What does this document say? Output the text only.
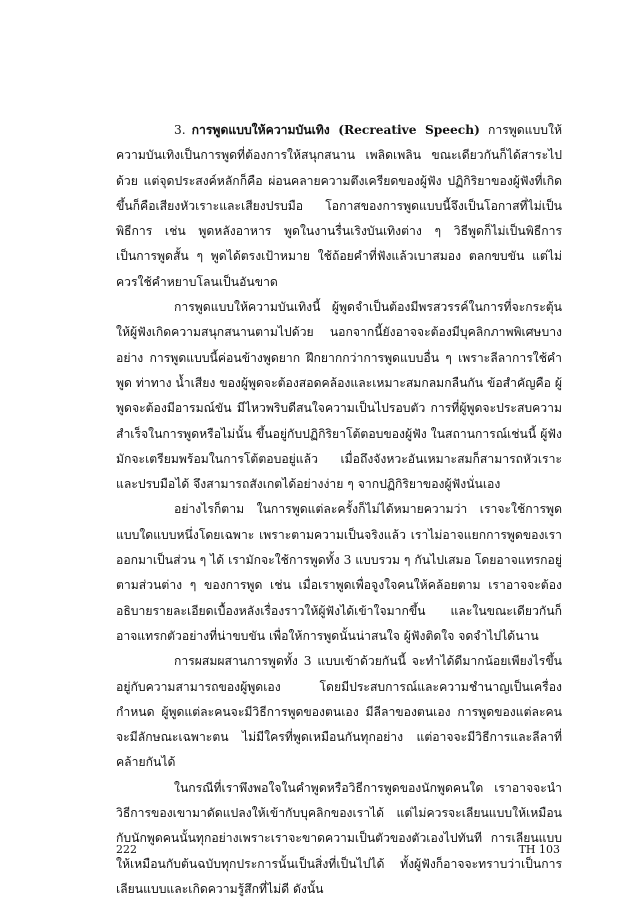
3. การพูดแบบให้ความบันเทิง (Recreative Speech) การพูดแบบให้ความบันเทิงเป็นการพูดที่ต้องการให้สนุกสนาน เพลิดเพลิน ขณะเดียวกันก็ได้สาระไปด้วย แต่จุดประสงค์หลักก็คือ ผ่อนคลายความตึงเครียดของผู้ฟัง ปฏิกิริยาของผู้ฟังที่เกิดขึ้นก็คือเสียงหัวเราะและเสียงปรบมือ โอกาสของการพูดแบบนี้จึงเป็นโอกาสที่ไม่เป็นพิธีการ เช่น พูดหลังอาหาร พูดในงานรื่นเริงบันเทิงต่าง ๆ วิธีพูดก็ไม่เป็นพิธีการ เป็นการพูดสั้น ๆ พูดได้ตรงเป้าหมาย ใช้ถ้อยคำที่ฟังแล้วเบาสมอง ตลกขบขัน แต่ไม่ควรใช้คำหยาบโลนเป็นอันขาด

การพูดแบบให้ความบันเทิงนี้ ผู้พูดจำเป็นต้องมีพรสวรรค์ในการที่จะกระตุ้นให้ผู้ฟังเกิดความสนุกสนานตามไปด้วย นอกจากนี้ยังอาจจะต้องมีบุคลิกภาพพิเศษบางอย่าง การพูดแบบนี้ค่อนข้างพูดยาก ฝึกยากกว่าการพูดแบบอื่น ๆ เพราะลีลาการใช้คำพูด ท่าทาง น้ำเสียง ของผู้พูดจะต้องสอดคล้องและเหมาะสมกลมกลืนกัน ข้อสำคัญคือ ผู้พูดจะต้องมีอารมณ์ขัน มีไหวพริบดีสนใจความเป็นไปรอบตัว การที่ผู้พูดจะประสบความสำเร็จในการพูดหรือไม่นั้น ขึ้นอยู่กับปฏิกิริยาโต้ตอบของผู้ฟัง ในสถานการณ์เช่นนี้ ผู้ฟังมักจะเตรียมพร้อมในการโต้ตอบอยู่แล้ว เมื่อถึงจังหวะอันเหมาะสมก็สามารถหัวเราะและปรบมือได้ จึงสามารถสังเกตได้อย่างง่าย ๆ จากปฏิกิริยาของผู้ฟังนั่นเอง

อย่างไรก็ตาม ในการพูดแต่ละครั้งก็ไม่ได้หมายความว่า เราจะใช้การพูดแบบใดแบบหนึ่งโดยเฉพาะ เพราะตามความเป็นจริงแล้ว เราไม่อาจแยกการพูดของเราออกมาเป็นส่วน ๆ ได้ เรามักจะใช้การพูดทั้ง 3 แบบรวม ๆ กันไปเสมอ โดยอาจแทรกอยู่ตามส่วนต่าง ๆ ของการพูด เช่น เมื่อเราพูดเพื่อจูงใจคนให้คล้อยตาม เราอาจจะต้องอธิบายรายละเอียดเบื้องหลังเรื่องราวให้ผู้ฟังได้เข้าใจมากขึ้น และในขณะเดียวกันก็อาจแทรกตัวอย่างที่น่าขบขัน เพื่อให้การพูดนั้นน่าสนใจ ผู้ฟังติดใจ จดจำไปได้นาน

การผสมผสานการพูดทั้ง 3 แบบเข้าด้วยกันนี้ จะทำได้ดีมากน้อยเพียงไรขึ้นอยู่กับความสามารถของผู้พูดเอง โดยมีประสบการณ์และความชำนาญเป็นเครื่องกำหนด ผู้พูดแต่ละคนจะมีวิธีการพูดของตนเอง มีลีลาของตนเอง การพูดของแต่ละคนจะมีลักษณะเฉพาะตน ไม่มีใครที่พูดเหมือนกันทุกอย่าง แต่อาจจะมีวิธีการและลีลาที่คล้ายกันได้

ในกรณีที่เราพึงพอใจในคำพูดหรือวิธีการพูดของนักพูดคนใด เราอาจจะนำวิธีการของเขามาดัดแปลงให้เข้ากับบุคลิกของเราได้ แต่ไม่ควรจะเลียนแบบให้เหมือนกับนักพูดคนนั้นทุกอย่างเพราะเราจะขาดความเป็นตัวของตัวเองไปทันที การเลียนแบบให้เหมือนกับต้นฉบับทุกประการนั้นเป็นสิ่งที่เป็นไปได้ ทั้งผู้ฟังก็อาจจะทราบว่าเป็นการเลียนแบบและเกิดความรู้สึกที่ไม่ดี ดังนั้น

222	TH 103
